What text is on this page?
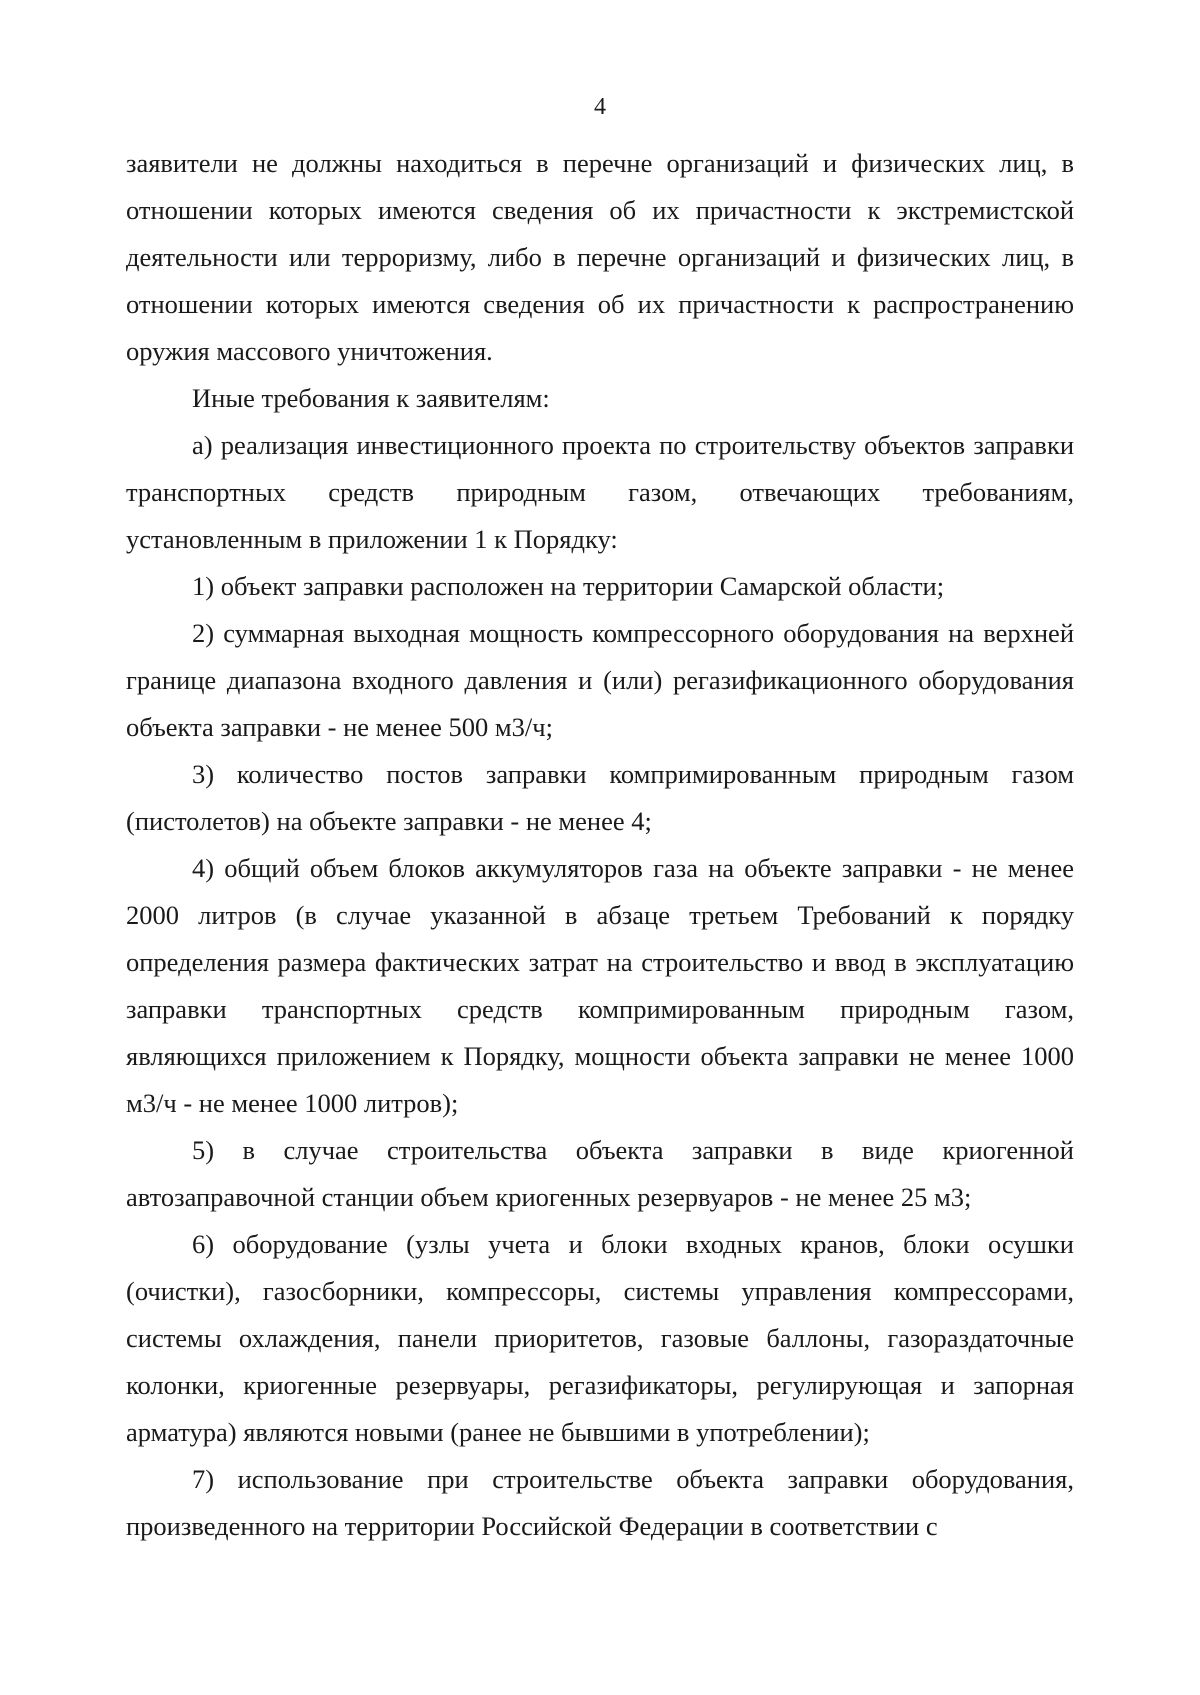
4

заявители не должны находиться в перечне организаций и физических лиц, в отношении которых имеются сведения об их причастности к экстремистской деятельности или терроризму, либо в перечне организаций и физических лиц, в отношении которых имеются сведения об их причастности к распространению оружия массового уничтожения.

Иные требования к заявителям:

а) реализация инвестиционного проекта по строительству объектов заправки транспортных средств природным газом, отвечающих требованиям, установленным в приложении 1 к Порядку:

1) объект заправки расположен на территории Самарской области;

2) суммарная выходная мощность компрессорного оборудования на верхней границе диапазона входного давления и (или) регазификационного оборудования объекта заправки - не менее 500 м3/ч;

3) количество постов заправки компримированным природным газом (пистолетов) на объекте заправки - не менее 4;

4) общий объем блоков аккумуляторов газа на объекте заправки - не менее 2000 литров (в случае указанной в абзаце третьем Требований к порядку определения размера фактических затрат на строительство и ввод в эксплуатацию заправки транспортных средств компримированным природным газом, являющихся приложением к Порядку, мощности объекта заправки не менее 1000 м3/ч - не менее 1000 литров);

5) в случае строительства объекта заправки в виде криогенной автозаправочной станции объем криогенных резервуаров - не менее 25 м3;

6) оборудование (узлы учета и блоки входных кранов, блоки осушки (очистки), газосборники, компрессоры, системы управления компрессорами, системы охлаждения, панели приоритетов, газовые баллоны, газораздаточные колонки, криогенные резервуары, регазификаторы, регулирующая и запорная арматура) являются новыми (ранее не бывшими в употреблении);

7) использование при строительстве объекта заправки оборудования, произведенного на территории Российской Федерации в соответствии с
